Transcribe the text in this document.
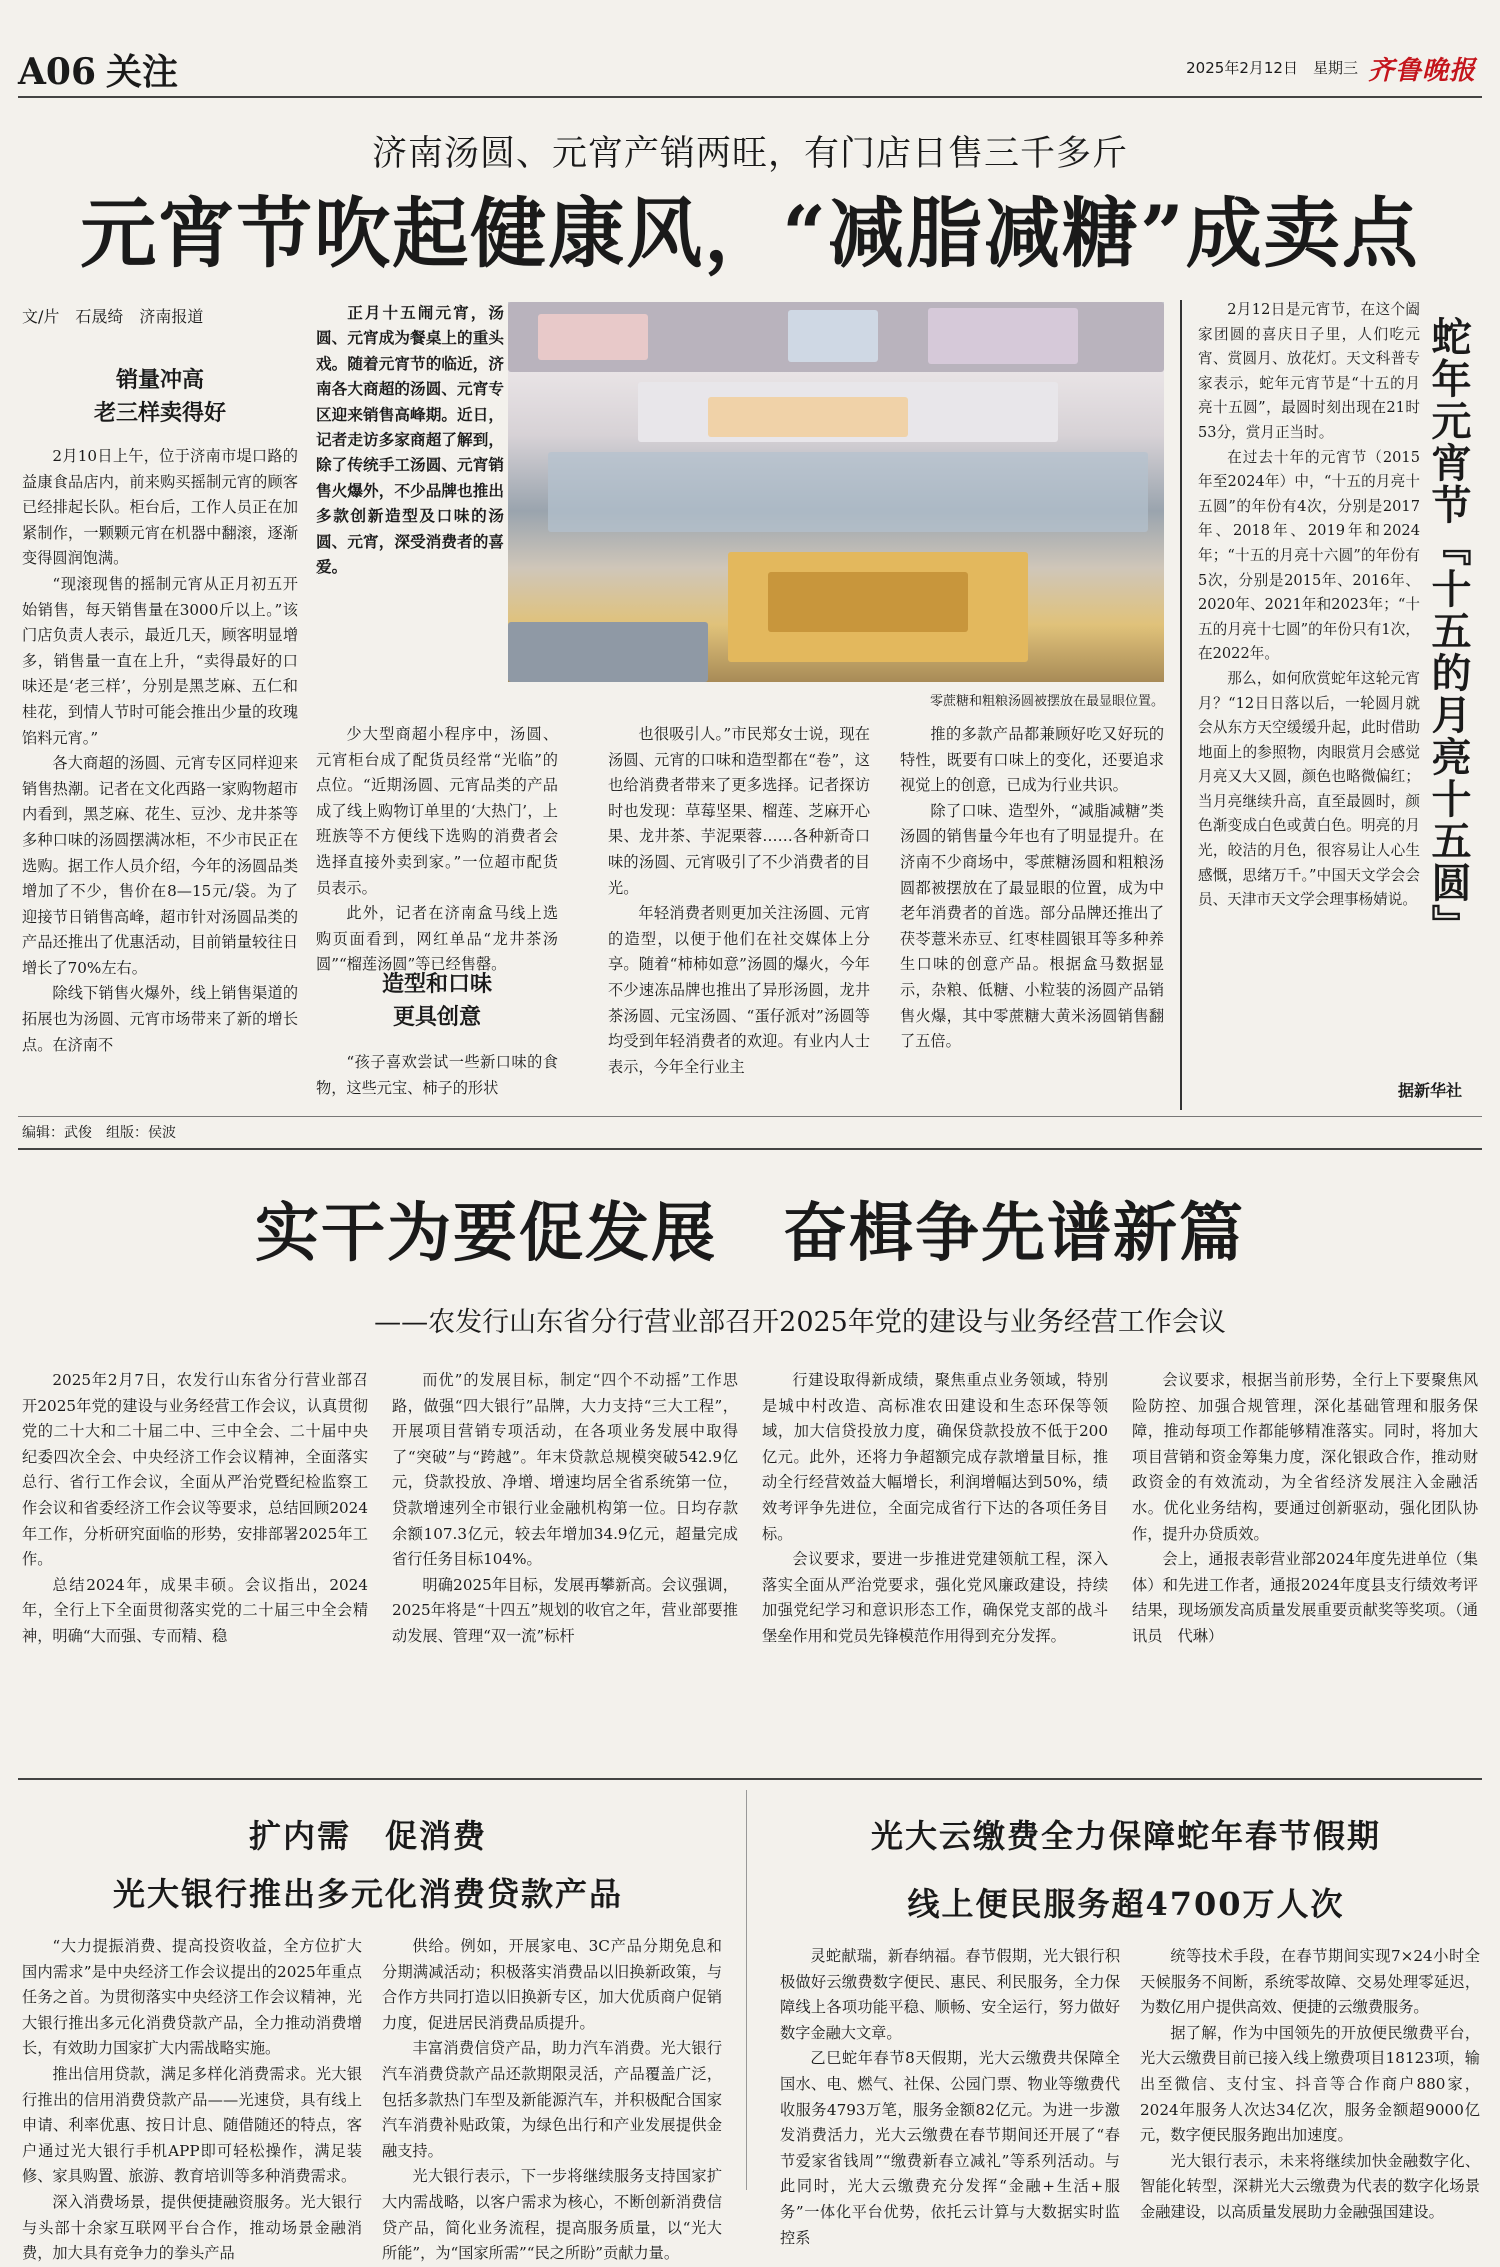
A06 关注	2025年2月12日　 星期三 齐鲁晚报
济南汤圆、元宵产销两旺，有门店日售三千多斤
元宵节吹起健康风，“减脂减糖”成卖点
文/片　石晟绮　济南报道
销量冲高
老三样卖得好

2月10日上午，位于济南市堤口路的益康食品店内，前来购买摇制元宵的顾客已经排起长队。柜台后，工作人员正在加紧制作，一颗颗元宵在机器中翻滚，逐渐变得圆润饱满。

“现滚现售的摇制元宵从正月初五开始销售，每天销售量在3000斤以上。”该门店负责人表示，最近几天，顾客明显增多，销售量一直在上升，“卖得最好的口味还是‘老三样’，分别是黑芝麻、五仁和桂花，到情人节时可能会推出少量的玫瑰馅料元宵。”

各大商超的汤圆、元宵专区同样迎来销售热潮。记者在文化西路一家购物超市内看到，黑芝麻、花生、豆沙、龙井茶等多种口味的汤圆摆满冰柜，不少市民正在选购。据工作人员介绍，今年的汤圆品类增加了不少，售价在8—15元/袋。为了迎接节日销售高峰，超市针对汤圆品类的产品还推出了优惠活动，目前销量较往日增长了70%左右。

除线下销售火爆外，线上销售渠道的拓展也为汤圆、元宵市场带来了新的增长点。在济南不

正月十五闹元宵，汤圆、元宵成为餐桌上的重头戏。随着元宵节的临近，济南各大商超的汤圆、元宵专区迎来销售高峰期。近日，记者走访多家商超了解到，除了传统手工汤圆、元宵销售火爆外，不少品牌也推出多款创新造型及口味的汤圆、元宵，深受消费者的喜爱。
零蔗糖和粗粮汤圆被摆放在最显眼位置。

少大型商超小程序中，汤圆、元宵柜台成了配货员经常“光临”的点位。“近期汤圆、元宵品类的产品成了线上购物订单里的‘大热门’，上班族等不方便线下选购的消费者会选择直接外卖到家。”一位超市配货员表示。

此外，记者在济南盒马线上选购页面看到，网红单品“龙井茶汤圆”“榴莲汤圆”等已经售罄。

造型和口味
更具创意

“孩子喜欢尝试一些新口味的食物，这些元宝、柿子的形状

也很吸引人。”市民郑女士说，现在汤圆、元宵的口味和造型都在“卷”，这也给消费者带来了更多选择。记者探访时也发现：草莓坚果、榴莲、芝麻开心果、龙井茶、芋泥栗蓉……各种新奇口味的汤圆、元宵吸引了不少消费者的目光。

年轻消费者则更加关注汤圆、元宵的造型，以便于他们在社交媒体上分享。随着“柿柿如意”汤圆的爆火，今年不少速冻品牌也推出了异形汤圆，龙井茶汤圆、元宝汤圆、“蛋仔派对”汤圆等均受到年轻消费者的欢迎。有业内人士表示，今年全行业主

推的多款产品都兼顾好吃又好玩的特性，既要有口味上的变化，还要追求视觉上的创意，已成为行业共识。

除了口味、造型外，“减脂减糖”类汤圆的销售量今年也有了明显提升。在济南不少商场中，零蔗糖汤圆和粗粮汤圆都被摆放在了最显眼的位置，成为中老年消费者的首选。部分品牌还推出了茯苓薏米赤豆、红枣桂圆银耳等多种养生口味的创意产品。根据盒马数据显示，杂粮、低糖、小粒装的汤圆产品销售火爆，其中零蔗糖大黄米汤圆销售翻了五倍。

2月12日是元宵节，在这个阖家团圆的喜庆日子里，人们吃元宵、赏圆月、放花灯。天文科普专家表示，蛇年元宵节是“十五的月亮十五圆”，最圆时刻出现在21时53分，赏月正当时。

在过去十年的元宵节（2015年至2024年）中，“十五的月亮十五圆”的年份有4次，分别是2017年、2018年、2019年和2024年；“十五的月亮十六圆”的年份有5次，分别是2015年、2016年、2020年、2021年和2023年；“十五的月亮十七圆”的年份只有1次，在2022年。

那么，如何欣赏蛇年这轮元宵月？“12日日落以后，一轮圆月就会从东方天空缓缓升起，此时借助地面上的参照物，肉眼赏月会感觉月亮又大又圆，颜色也略微偏红；当月亮继续升高，直至最圆时，颜色渐变成白色或黄白色。明亮的月光，皎洁的月色，很容易让人心生感慨，思绪万千。”中国天文学会会员、天津市天文学会理事杨婧说。 蛇年元宵节『十五的月亮十五圆』
据新华社
编辑：武俊　组版：侯波
实干为要促发展　奋楫争先谱新篇
——农发行山东省分行营业部召开2025年党的建设与业务经营工作会议

2025年2月7日，农发行山东省分行营业部召开2025年党的建设与业务经营工作会议，认真贯彻党的二十大和二十届二中、三中全会、二十届中央纪委四次全会、中央经济工作会议精神，全面落实总行、省行工作会议，全面从严治党暨纪检监察工作会议和省委经济工作会议等要求，总结回顾2024年工作，分析研究面临的形势，安排部署2025年工作。

总结2024年，成果丰硕。会议指出，2024年，全行上下全面贯彻落实党的二十届三中全会精神，明确“大而强、专而精、稳

而优”的发展目标，制定“四个不动摇”工作思路，做强“四大银行”品牌，大力支持“三大工程”，开展项目营销专项活动，在各项业务发展中取得了“突破”与“跨越”。年末贷款总规模突破542.9亿元，贷款投放、净增、增速均居全省系统第一位，贷款增速列全市银行业金融机构第一位。日均存款余额107.3亿元，较去年增加34.9亿元，超量完成省行任务目标104%。

明确2025年目标，发展再攀新高。会议强调，2025年将是“十四五”规划的收官之年，营业部要推动发展、管理“双一流”标杆

行建设取得新成绩，聚焦重点业务领域，特别是城中村改造、高标准农田建设和生态环保等领域，加大信贷投放力度，确保贷款投放不低于200亿元。此外，还将力争超额完成存款增量目标，推动全行经营效益大幅增长，利润增幅达到50%，绩效考评争先进位，全面完成省行下达的各项任务目标。

会议要求，要进一步推进党建领航工程，深入落实全面从严治党要求，强化党风廉政建设，持续加强党纪学习和意识形态工作，确保党支部的战斗堡垒作用和党员先锋模范作用得到充分发挥。

会议要求，根据当前形势，全行上下要聚焦风险防控、加强合规管理，深化基础管理和服务保障，推动每项工作都能够精准落实。同时，将加大项目营销和资金筹集力度，深化银政合作，推动财政资金的有效流动，为全省经济发展注入金融活水。优化业务结构，要通过创新驱动，强化团队协作，提升办贷质效。

会上，通报表彰营业部2024年度先进单位（集体）和先进工作者，通报2024年度县支行绩效考评结果，现场颁发高质量发展重要贡献奖等奖项。（通讯员　代琳）

扩内需　促消费
光大银行推出多元化消费贷款产品

“大力提振消费、提高投资收益，全方位扩大国内需求”是中央经济工作会议提出的2025年重点任务之首。为贯彻落实中央经济工作会议精神，光大银行推出多元化消费贷款产品，全力推动消费增长，有效助力国家扩大内需战略实施。

推出信用贷款，满足多样化消费需求。光大银行推出的信用消费贷款产品——光速贷，具有线上申请、利率优惠、按日计息、随借随还的特点，客户通过光大银行手机APP即可轻松操作，满足装修、家具购置、旅游、教育培训等多种消费需求。

深入消费场景，提供便捷融资服务。光大银行与头部十余家互联网平台合作，推动场景金融消费，加大具有竞争力的拳头产品

供给。例如，开展家电、3C产品分期免息和分期满减活动；积极落实消费品以旧换新政策，与合作方共同打造以旧换新专区，加大优质商户促销力度，促进居民消费品质提升。

丰富消费信贷产品，助力汽车消费。光大银行汽车消费贷款产品还款期限灵活，产品覆盖广泛，包括多款热门车型及新能源汽车，并积极配合国家汽车消费补贴政策，为绿色出行和产业发展提供金融支持。

光大银行表示，下一步将继续服务支持国家扩大内需战略，以客户需求为核心，不断创新消费信贷产品，简化业务流程，提高服务质量，以“光大所能”，为“国家所需”“民之所盼”贡献力量。

光大云缴费全力保障蛇年春节假期
线上便民服务超4700万人次

灵蛇献瑞，新春纳福。春节假期，光大银行积极做好云缴费数字便民、惠民、利民服务，全力保障线上各项功能平稳、顺畅、安全运行，努力做好数字金融大文章。

乙巳蛇年春节8天假期，光大云缴费共保障全国水、电、燃气、社保、公园门票、物业等缴费代收服务4793万笔，服务金额82亿元。为进一步激发消费活力，光大云缴费在春节期间还开展了“春节爱家省钱周”“缴费新春立减礼”等系列活动。与此同时，光大云缴费充分发挥“金融+生活+服务”一体化平台优势，依托云计算与大数据实时监控系

统等技术手段，在春节期间实现7×24小时全天候服务不间断，系统零故障、交易处理零延迟，为数亿用户提供高效、便捷的云缴费服务。

据了解，作为中国领先的开放便民缴费平台，光大云缴费目前已接入线上缴费项目18123项，输出至微信、支付宝、抖音等合作商户880家，2024年服务人次达34亿次，服务金额超9000亿元，数字便民服务跑出加速度。

光大银行表示，未来将继续加快金融数字化、智能化转型，深耕光大云缴费为代表的数字化场景金融建设，以高质量发展助力金融强国建设。
